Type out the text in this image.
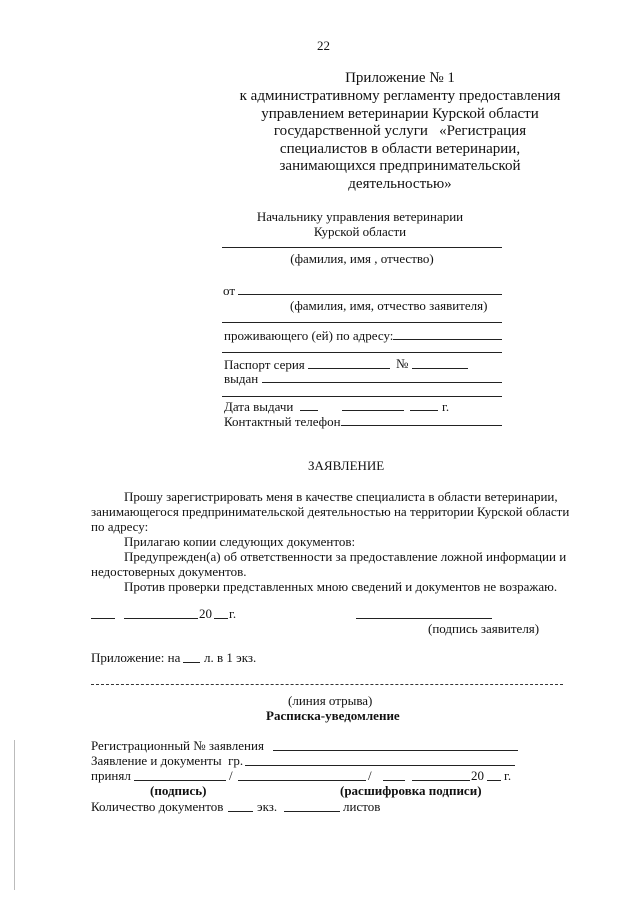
22
Приложение № 1
к административному регламенту предоставления
управлением ветеринарии Курской области
государственной услуги   «Регистрация
специалистов в области ветеринарии,
занимающихся предпринимательской
деятельностью»
Начальнику управления ветеринарии
Курской области
(фамилия, имя , отчество)
от
(фамилия, имя, отчество заявителя)
проживающего (ей) по адресу:
Паспорт серия	№
выдан
Дата выдачи	г.
Контактный телефон
ЗАЯВЛЕНИЕ
Прошу зарегистрировать меня в качестве специалиста в области ветеринарии,
занимающегося предпринимательской деятельностью на территории Курской области
по адресу:
Прилагаю копии следующих документов:
Предупрежден(а) об ответственности за предоставление ложной информации и
недостоверных документов.
Против проверки представленных мною сведений и документов не возражаю.
20 г.
(подпись заявителя)
Приложение: на л. в 1 экз.
(линия отрыва)
Расписка-уведомление
Регистрационный № заявления
Заявление и документы  гр.
принял	/	/	20 г.
(подпись)	(расшифровка подписи)
Количество документов	экз.	листов
